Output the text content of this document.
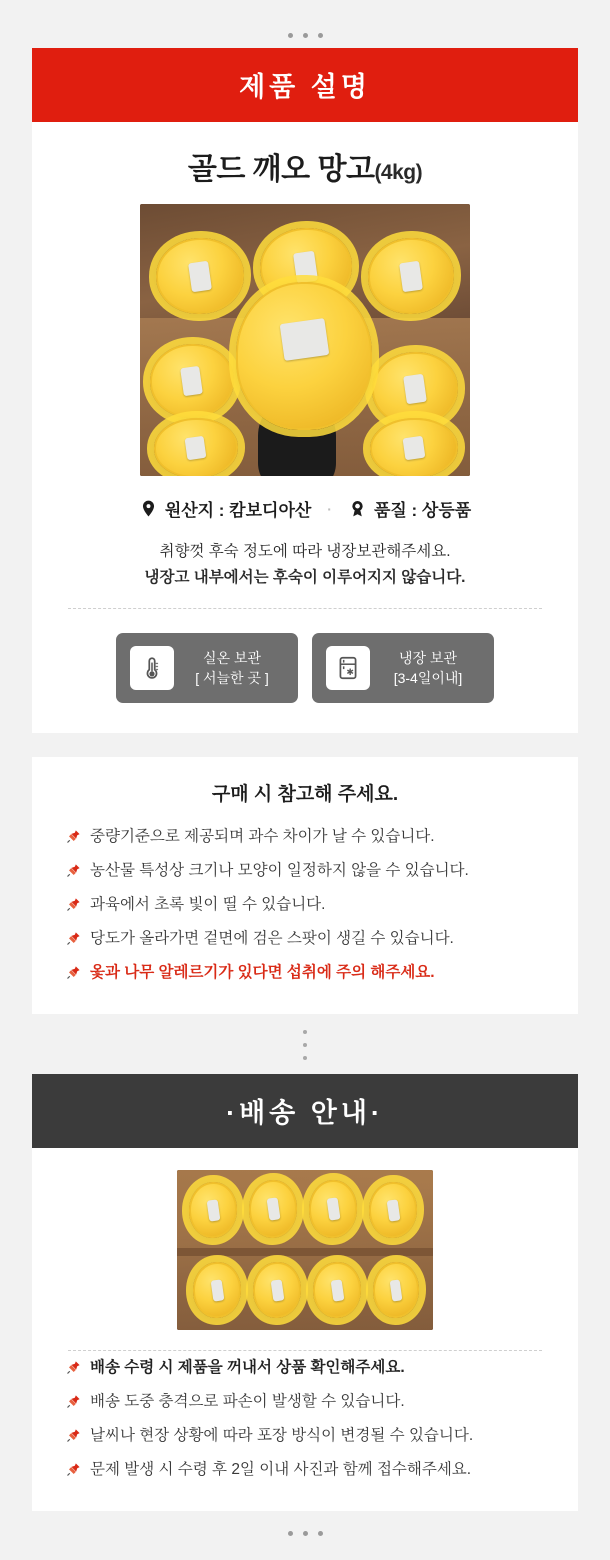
제품 설명
골드 깨오 망고(4kg)
원산지 : 캄보디아산 · 품질 : 상등품
취향껏 후숙 정도에 따라 냉장보관해주세요.
냉장고 내부에서는 후숙이 이루어지지 않습니다.
실온 보관
[ 서늘한 곳 ]
냉장 보관
[3-4일이내]
구매 시 참고해 주세요.
중량기준으로 제공되며 과수 차이가 날 수 있습니다.
농산물 특성상 크기나 모양이 일정하지 않을 수 있습니다.
과육에서 초록 빛이 띨 수 있습니다.
당도가 올라가면 겉면에 검은 스팟이 생길 수 있습니다.
옻과 나무 알레르기가 있다면 섭취에 주의 해주세요.
·배송 안내·
배송 수령 시 제품을 꺼내서 상품 확인해주세요.
배송 도중 충격으로 파손이 발생할 수 있습니다.
날씨나 현장 상황에 따라 포장 방식이 변경될 수 있습니다.
문제 발생 시 수령 후 2일 이내 사진과 함께 접수해주세요.
